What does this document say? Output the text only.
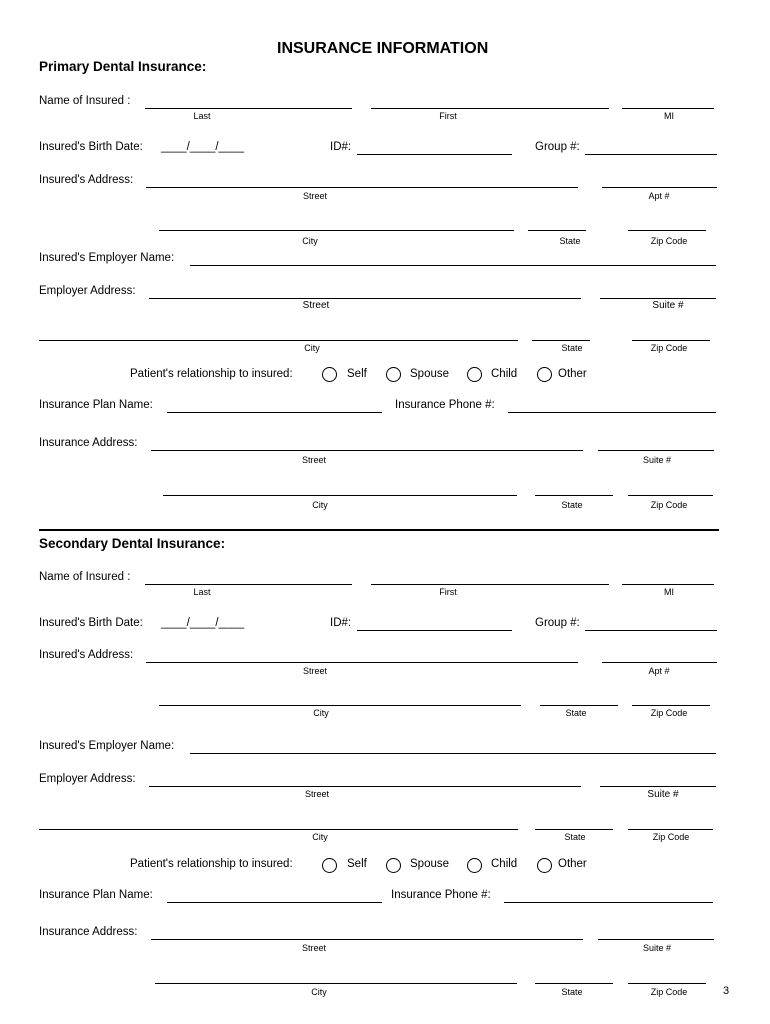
INSURANCE INFORMATION
Primary Dental Insurance:
Name of Insured :
Last	First	MI
Insured's Birth Date: ____/____/____	ID#:	Group #:
Insured's Address:
Street	Apt #
City	State	Zip Code
Insured's Employer Name:
Employer Address:
Street	Suite #
City	State	Zip Code
Patient's relationship to insured:	Self	Spouse	Child	Other
Insurance Plan Name:	Insurance Phone #:
Insurance Address:
Street	Suite #
City	State	Zip Code
Secondary Dental Insurance:
Name of Insured :
Last	First	MI
Insured's Birth Date: ____/____/____	ID#:	Group #:
Insured's Address:
Street	Apt #
City	State	Zip Code
Insured's Employer Name:
Employer Address:
Street	Suite #
City	State	Zip Code
Patient's relationship to insured:	Self	Spouse	Child	Other
Insurance Plan Name:	Insurance Phone #:
Insurance Address:
Street	Suite #
City	State	Zip Code	3
